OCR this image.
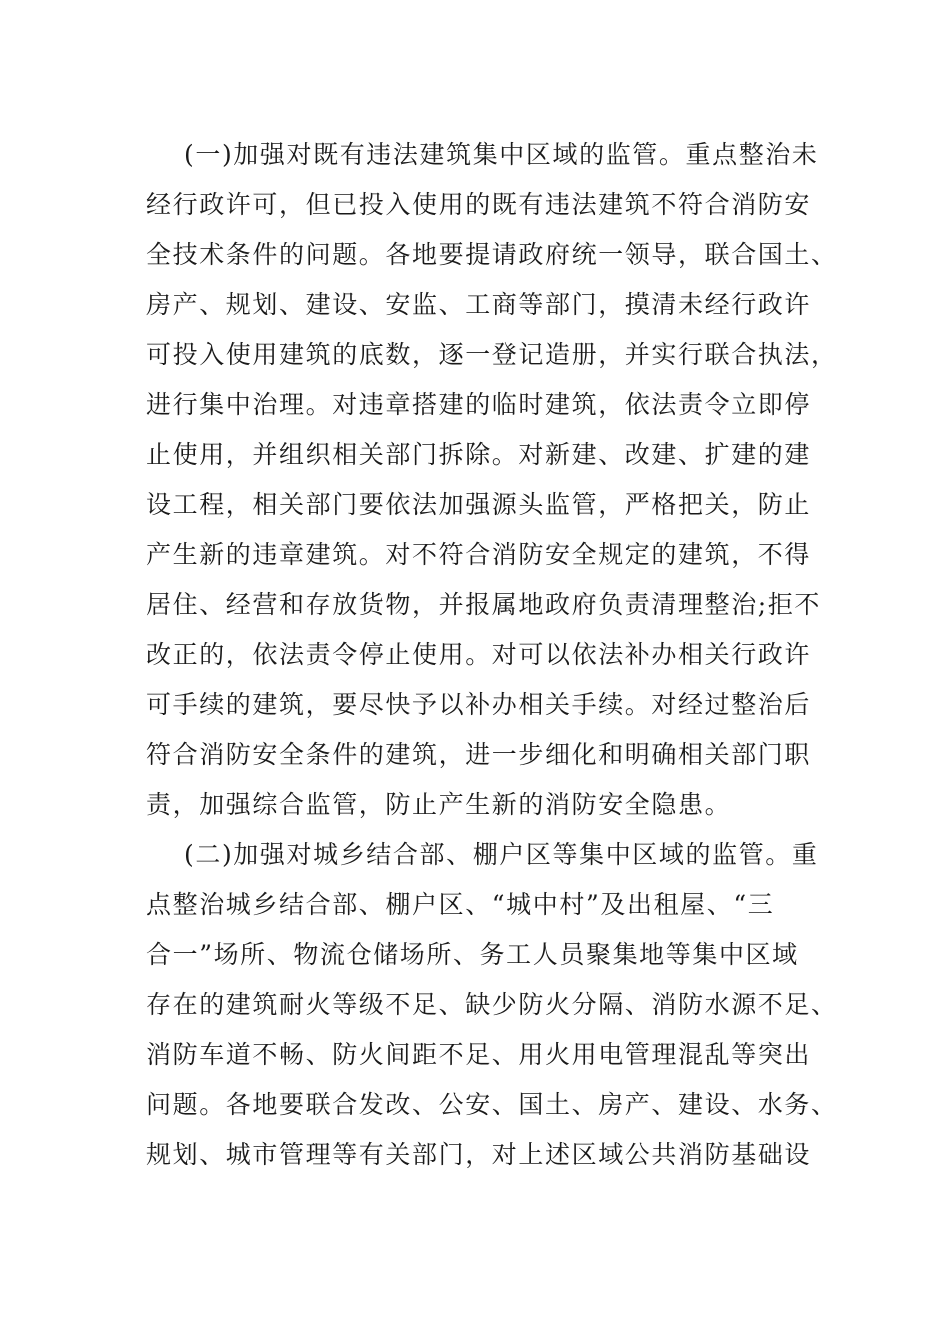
(一)加强对既有违法建筑集中区域的监管。重点整治未
经行政许可，但已投入使用的既有违法建筑不符合消防安
全技术条件的问题。各地要提请政府统一领导，联合国土、
房产、规划、建设、安监、工商等部门，摸清未经行政许
可投入使用建筑的底数，逐一登记造册，并实行联合执法，
进行集中治理。对违章搭建的临时建筑，依法责令立即停
止使用，并组织相关部门拆除。对新建、改建、扩建的建
设工程，相关部门要依法加强源头监管，严格把关，防止
产生新的违章建筑。对不符合消防安全规定的建筑，不得
居住、经营和存放货物，并报属地政府负责清理整治;拒不
改正的，依法责令停止使用。对可以依法补办相关行政许
可手续的建筑，要尽快予以补办相关手续。对经过整治后
符合消防安全条件的建筑，进一步细化和明确相关部门职
责，加强综合监管，防止产生新的消防安全隐患。
(二)加强对城乡结合部、棚户区等集中区域的监管。重
点整治城乡结合部、棚户区、“城中村”及出租屋、“三
合一”场所、物流仓储场所、务工人员聚集地等集中区域
存在的建筑耐火等级不足、缺少防火分隔、消防水源不足、
消防车道不畅、防火间距不足、用火用电管理混乱等突出
问题。各地要联合发改、公安、国土、房产、建设、水务、
规划、城市管理等有关部门，对上述区域公共消防基础设
